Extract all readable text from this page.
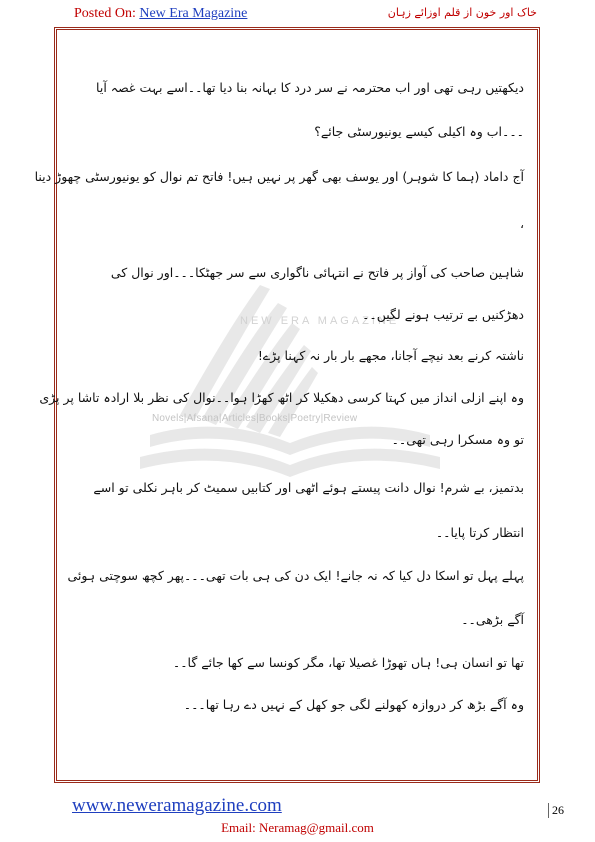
Posted On: New Era Magazine	خاک اور خون از قلم اوزائے زہان
NEW ERA MAGAZINE
Novels|Afsana|Articles|Books|Poetry|Review
دیکھتیں رہی تھی اور اب محترمہ نے سر درد کا بہانہ بنا دیا تھا۔۔اسے بہت غصہ آیا
۔۔۔اب وہ اکیلی کیسے یونیورسٹی جائے؟
آج داماد (ہما کا شوہر) اور یوسف بھی گھر پر نہیں ہیں! فاتح تم نوال کو یونیورسٹی چھوڑ دینا
،
شاہین صاحب کی آواز پر فاتح نے انتہائی ناگواری سے سر جھٹکا۔۔۔اور نوال کی
دھڑکنیں بے ترتیب ہونے لگیں۔۔
ناشتہ کرنے بعد نیچے آجانا، مجھے بار بار نہ کہنا پڑے!
وہ اپنے ازلی انداز میں کہتا کرسی دھکیلا کر اٹھ کھڑا ہوا۔۔نوال کی نظر بلا ارادہ تاشا پر پڑی
تو وہ مسکرا رہی تھی۔۔
بدتمیز، بے شرم! نوال دانت پیستے ہوئے اٹھی اور کتابیں سمیٹ کر باہر نکلی تو اسے
انتظار کرتا پایا۔۔
پہلے پہل تو اسکا دل کیا کہ نہ جانے! ایک دن کی ہی بات تھی۔۔۔پھر کچھ سوچتی ہوئی
آگے بڑھی۔۔
تھا تو انسان ہی! ہاں تھوڑا غصیلا تھا، مگر کونسا سے کھا جائے گا۔۔
وہ آگے بڑھ کر دروازہ کھولنے لگی جو کھل کے نہیں دے رہا تھا۔۔۔
www.neweramagazine.com	26
Email: Neramag@gmail.com
